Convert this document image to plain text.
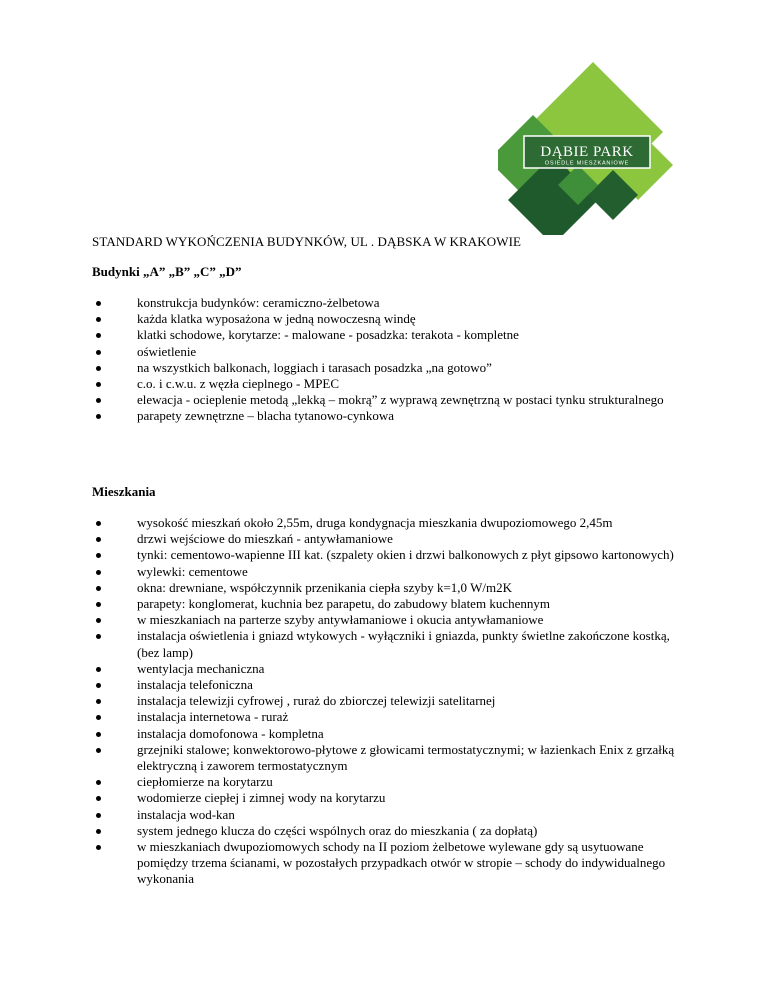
DĄBIE PARK
OSIEDLE MIESZKANIOWE
STANDARD WYKOŃCZENIA BUDYNKÓW, UL . DĄBSKA W KRAKOWIE
Budynki „A” „B” „C” „D”
konstrukcja budynków: ceramiczno-żelbetowa
każda klatka wyposażona w jedną nowoczesną windę
klatki schodowe, korytarze: - malowane - posadzka: terakota - kompletne
oświetlenie
na wszystkich balkonach, loggiach i tarasach posadzka „na gotowo”
c.o. i c.w.u. z węzła cieplnego - MPEC
elewacja - ocieplenie metodą „lekką – mokrą” z wyprawą zewnętrzną w postaci tynku strukturalnego
parapety zewnętrzne – blacha tytanowo-cynkowa
Mieszkania
wysokość mieszkań około 2,55m, druga kondygnacja mieszkania dwupoziomowego 2,45m
drzwi wejściowe do mieszkań - antywłamaniowe
tynki: cementowo-wapienne III kat. (szpalety okien i drzwi balkonowych z płyt gipsowo kartonowych)
wylewki: cementowe
okna: drewniane, współczynnik przenikania ciepła szyby k=1,0 W/m2K
parapety: konglomerat, kuchnia bez parapetu, do zabudowy blatem kuchennym
w mieszkaniach na parterze szyby antywłamaniowe i okucia antywłamaniowe
instalacja oświetlenia i gniazd wtykowych - wyłączniki i gniazda, punkty świetlne zakończone kostką, (bez lamp)
wentylacja mechaniczna
instalacja telefoniczna
instalacja telewizji cyfrowej , ruraż do zbiorczej telewizji satelitarnej
instalacja internetowa - ruraż
instalacja domofonowa - kompletna
grzejniki stalowe; konwektorowo-płytowe z głowicami termostatycznymi; w łazienkach Enix z grzałką elektryczną i zaworem termostatycznym
ciepłomierze na korytarzu
wodomierze ciepłej i zimnej wody na korytarzu
instalacja wod-kan
system jednego klucza do części wspólnych oraz do mieszkania ( za dopłatą)
w mieszkaniach dwupoziomowych schody na II poziom żelbetowe wylewane gdy są usytuowane pomiędzy trzema ścianami, w pozostałych przypadkach otwór w stropie – schody do indywidualnego wykonania
